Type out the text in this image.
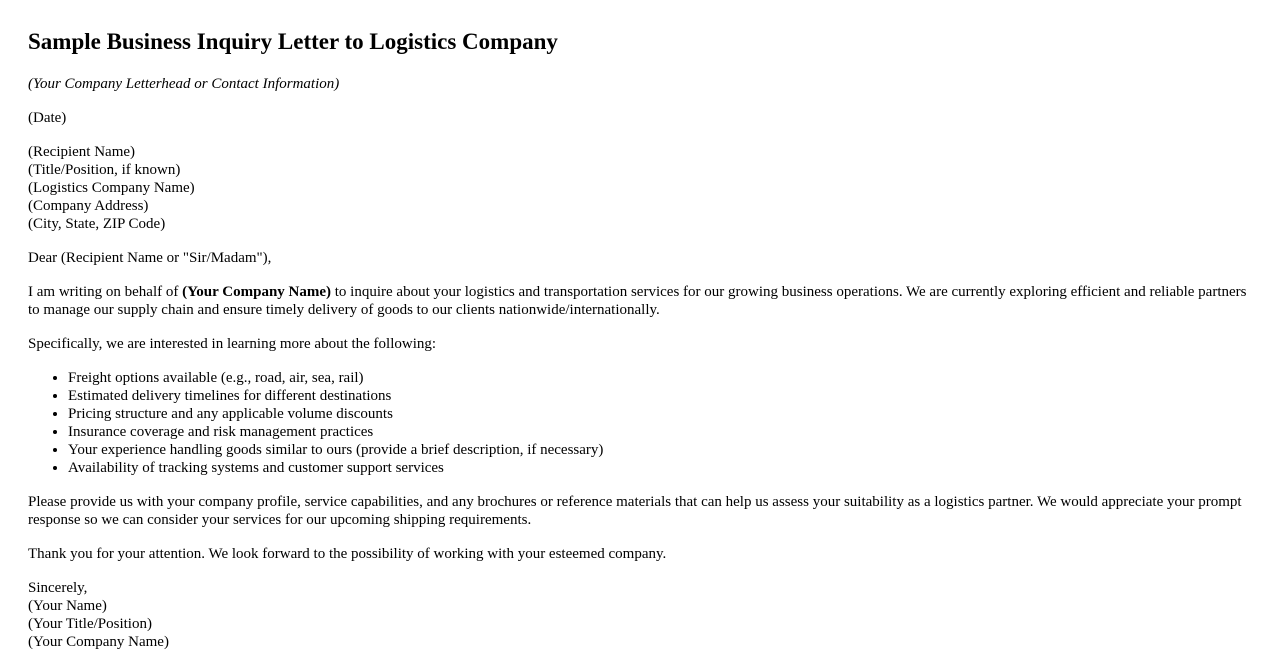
Sample Business Inquiry Letter to Logistics Company

(Your Company Letterhead or Contact Information)

(Date)

(Recipient Name)
(Title/Position, if known)
(Logistics Company Name)
(Company Address)
(City, State, ZIP Code)

Dear (Recipient Name or "Sir/Madam"),

I am writing on behalf of (Your Company Name) to inquire about your logistics and transportation services for our growing business operations. We are currently exploring efficient and reliable partners to manage our supply chain and ensure timely delivery of goods to our clients nationwide/internationally.

Specifically, we are interested in learning more about the following:

• Freight options available (e.g., road, air, sea, rail)
• Estimated delivery timelines for different destinations
• Pricing structure and any applicable volume discounts
• Insurance coverage and risk management practices
• Your experience handling goods similar to ours (provide a brief description, if necessary)
• Availability of tracking systems and customer support services

Please provide us with your company profile, service capabilities, and any brochures or reference materials that can help us assess your suitability as a logistics partner. We would appreciate your prompt response so we can consider your services for our upcoming shipping requirements.

Thank you for your attention. We look forward to the possibility of working with your esteemed company.

Sincerely,
(Your Name)
(Your Title/Position)
(Your Company Name)
